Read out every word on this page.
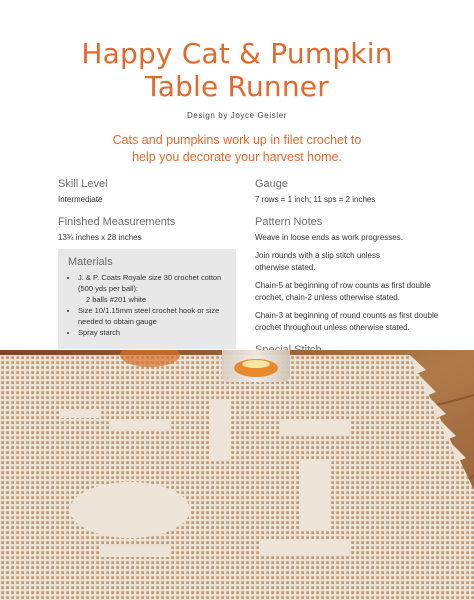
Happy Cat & Pumpkin
Table Runner
Design by Joyce Geisler
Cats and pumpkins work up in filet crochet to
help you decorate your harvest home.
Skill Level
Intermediate
Finished Measurements
13¾ inches x 28 inches
Materials
• J. & P. Coats Royale size 30 crochet cotton
(500 yds per ball):
2 balls #201 white
• Size 10/1.15mm steel crochet hook or size
needed to obtain gauge
• Spray starch
Gauge
7 rows = 1 inch; 11 sps = 2 inches
Pattern Notes
Weave in loose ends as work progresses.
Join rounds with a slip stitch unless
otherwise stated.
Chain-5 at beginning of row counts as first double
crochet, chain-2 unless otherwise stated.
Chain-3 at beginning of round counts as first double
crochet throughout unless otherwise stated.
